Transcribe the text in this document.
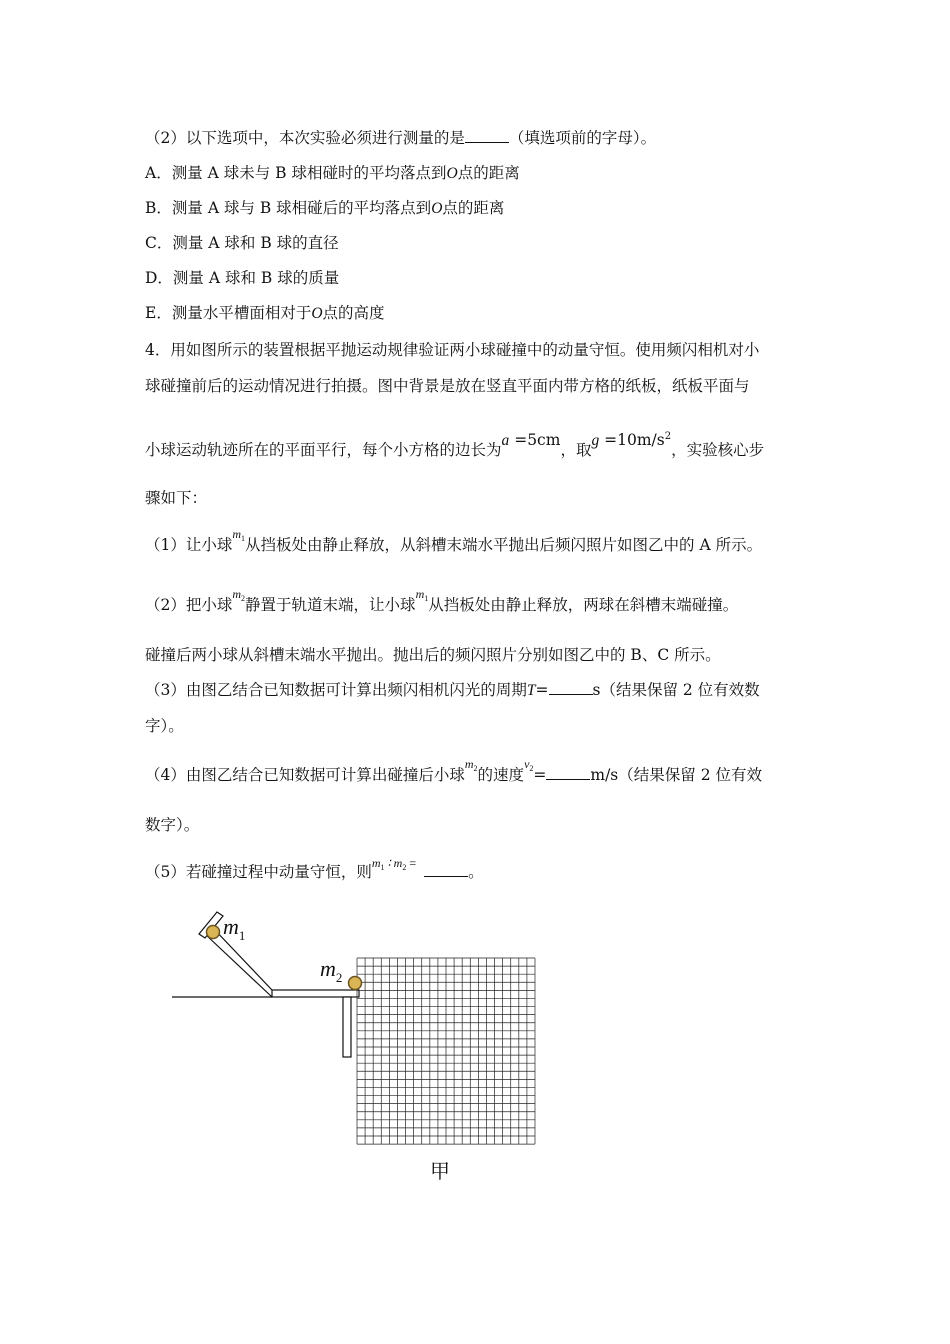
（2）以下选项中，本次实验必须进行测量的是	（填选项前的字母）。
A．测量 A 球未与 B 球相碰时的平均落点到O点的距离
B．测量 A 球与 B 球相碰后的平均落点到O点的距离
C．测量 A 球和 B 球的直径
D．测量 A 球和 B 球的质量
E．测量水平槽面相对于O点的高度
4．用如图所示的装置根据平抛运动规律验证两小球碰撞中的动量守恒。使用频闪相机对小
球碰撞前后的运动情况进行拍摄。图中背景是放在竖直平面内带方格的纸板，纸板平面与
小球运动轨迹所在的平面平行，每个小方格的边长为a =5cm，取$g =10m/s^2$，实验核心步
骤如下：
（1）让小球$^{m_1}$从挡板处由静止释放，从斜槽末端水平抛出后频闪照片如图乙中的 A 所示。
（2）把小球$^{m_2}$静置于轨道末端，让小球$^{m_1}$从挡板处由静止释放，两球在斜槽末端碰撞。
碰撞后两小球从斜槽末端水平抛出。抛出后的频闪照片分别如图乙中的 B、C 所示。
（3）由图乙结合已知数据可计算出频闪相机闪光的周期T=	s（结果保留 2 位有效数
字）。
（4）由图乙结合已知数据可计算出碰撞后小球$^{m_2}$的速度$^{v_2}$=	m/s（结果保留 2 位有效
数字）。
（5）若碰撞过程中动量守恒，则$^{m_1 ∶ m_2 =}$	。
$m_1$
$m_2$
甲
